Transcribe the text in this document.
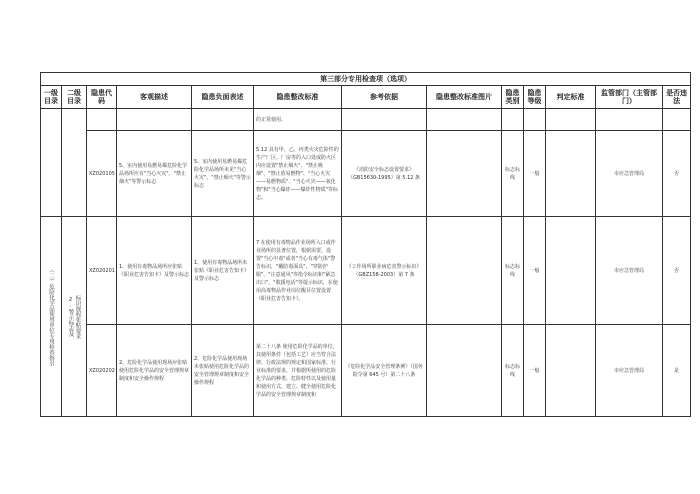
第三部分专用检查项（选项）												
一级目录	二级目录	隐患代码	客观描述	隐患负面表述	隐患整改标准	参考依据	隐患整改标准图片	隐患类别	隐患等级	判定标准	监管部门（主管部门）	是否违法
					的正常使用。							
		XZ020105	5、室内使用易燃易爆危险化学品场所应有"当心火灾"、"禁止烟火"等警示标志	5、室内使用易燃易爆危险化学品场所未见"当心火灾"、"禁止烟火"等警示标志	5.12 具有甲、乙、丙类火灾危险性的生产厂区、厂房等的入口处或防火区内应设置"禁止烟火"、"禁止吸烟"、"禁止放易燃物"、"当心火灾——易燃物质"、"当心火灾——氧化物"和"当心爆炸——爆炸性物质"等标志。	《消防安全标志设置要求》（GB15630-1995）第 5.12 条		标志标线	一般		市应急管理局	否

（二）危险化学品使用单位专用检查指引	2.警示标志及 标识规程张贴要求	XZ020201	1、使用有毒物品场所应张贴《职业危害告知卡》及警示标志	1、使用有毒物品场所未张贴《职业危害告知卡》及警示标志	7 在使用有毒物品作业场所入口或作业场所的显著位置，根据需要，设置"当心中毒"或者"当心有毒气体"警告标识，"戴防毒面具"、"穿防护服"、"注意通风"等指令标识和"紧急出口"、"救援电话"等提示标识，在使用高毒物品作业岗位醒目位置设置《职业危害告知卡》。	《工作场所职业病危害警示标识》（GBZ158-2003）第 7 条		标志标线	一般		市应急管理局	否
		XZ020202	2、危险化学品使用现场应张贴使用危险化学品的安全管理规章制度和安全操作规程	2、危险化学品使用现场未张贴使用危险化学品的安全管理规章制度和安全操作规程	第二十八条 使用危险化学品的单位，其使用条件（包括工艺）应当符合法律、行政法规的规定和国家标准、行业标准的要求，并根据所使用的危险化学品的种类、危险特性以及使用量和使用方式，建立、健全使用危险化学品的安全管理规章制度和	《危险化学品安全管理条例》（国务院令第 645 号）第二十八条		标志标线	一般		市应急管理局	是
